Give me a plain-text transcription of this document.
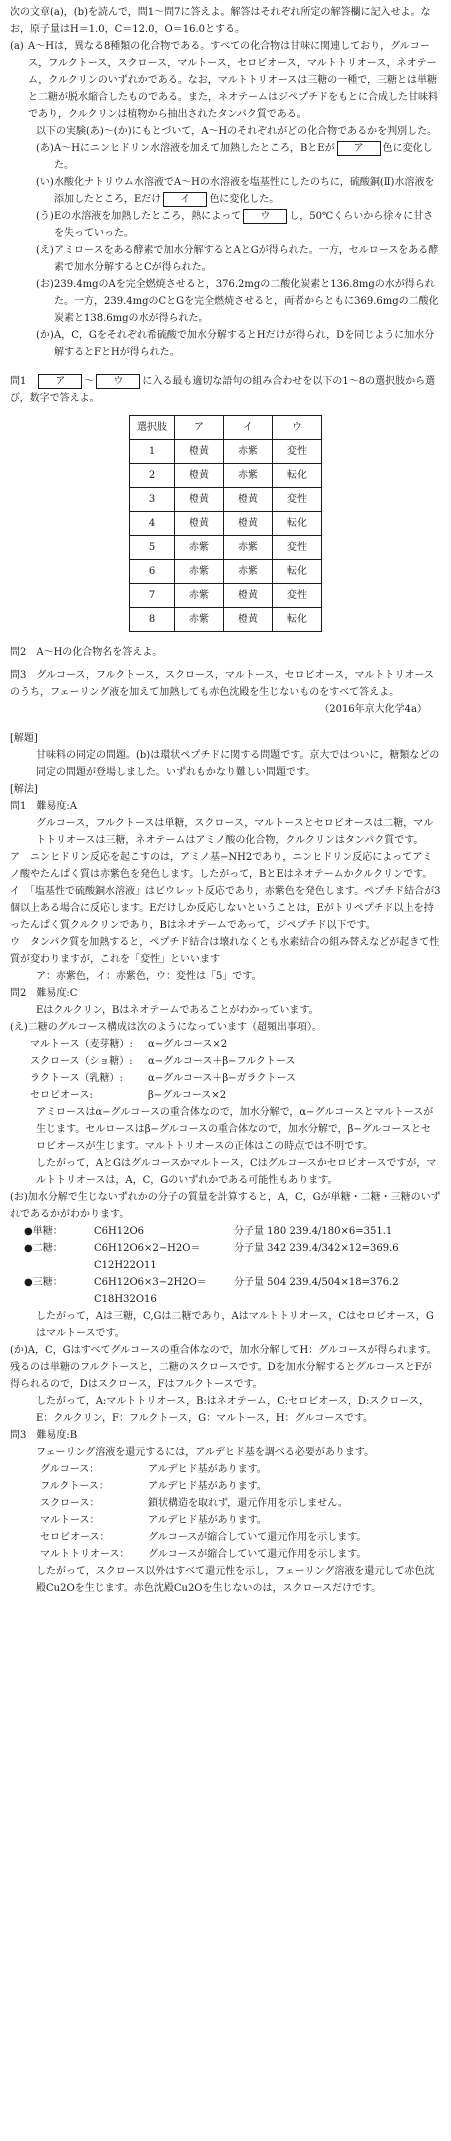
次の文章(a)，(b)を読んで，問1～問7に答えよ。解答はそれぞれ所定の解答欄に記入せよ。なお，原子量はH＝1.0，C＝12.0，O＝16.0とする。

(a) A～Hは，異なる8種類の化合物である。すべての化合物は甘味に関連しており，グルコース，フルクトース，スクロース，マルトース，セロビオース，マルトトリオース，ネオテーム，クルクリンのいずれかである。なお，マルトトリオースは三糖の一種で，三糖とは単糖と二糖が脱水縮合したものである。また，ネオテームはジペプチドをもとに合成した甘味料であり，クルクリンは植物から抽出されたタンパク質である。

以下の実験(あ)～(か)にもとづいて，A～Hのそれぞれがどの化合物であるかを判別した。

(あ) A～Hにニンヒドリン水溶液を加えて加熱したところ，BとEが ア 色に変化した。
(い) 水酸化ナトリウム水溶液でA～Hの水溶液を塩基性にしたのちに，硫酸銅(Ⅱ)水溶液を添加したところ，Eだけ イ 色に変化した。
(う) Eの水溶液を加熱したところ，熱によって ウ し，50℃くらいから徐々に甘さを失っていった。
(え) アミロースをある酵素で加水分解するとAとGが得られた。一方，セルロースをある酵素で加水分解するとCが得られた。
(お) 239.4mgのAを完全燃焼させると，376.2mgの二酸化炭素と136.8mgの水が得られた。一方，239.4mgのCとGを完全燃焼させると，両者からともに369.6mgの二酸化炭素と138.6mgの水が得られた。
(か) A，C，Gをそれぞれ希硫酸で加水分解するとHだけが得られ，Dを同じように加水分解するとFとHが得られた。
問1　	ア ～ ウ に入る最も適切な語句の組み合わせを以下の1～8の選択肢から選び，数字で答えよ。
選択肢	ア	イ	ウ
1	橙黄	赤紫	変性
2	橙黄	赤紫	転化
3	橙黄	橙黄	変性
4	橙黄	橙黄	転化
5	赤紫	赤紫	変性
6	赤紫	赤紫	転化
7	赤紫	橙黄	変性
8	赤紫	橙黄	転化

問2　A～Hの化合物名を答えよ。

問3　グルコース，フルクトース，スクロース，マルトース，セロビオース，マルトトリオースのうち，フェーリング液を加えて加熱しても赤色沈殿を生じないものをすべて答えよ。

（2016年京大化学4a）

[解題]

甘味料の同定の問題。(b)は環状ペプチドに関する問題です。京大ではついに，糖類などの同定の問題が登場しました。いずれもかなり難しい問題です。

[解法]

問1　難易度:A

グルコース，フルクトースは単糖，スクロース，マルトースとセロビオースは二糖，マルトトリオースは三糖，ネオテームはアミノ酸の化合物，クルクリンはタンパク質です。

ア　ニンヒドリン反応を起こすのは，アミノ基−NH2であり，ニンヒドリン反応によってアミノ酸やたんぱく質は赤紫色を発色します。したがって，BとEはネオテームかクルクリンです。

イ　「塩基性で硫酸銅水溶液」はビウレット反応であり，赤紫色を発色します。ペプチド結合が3個以上ある場合に反応します。Eだけしか反応しないということは，Eがトリペプチド以上を持ったんぱく質クルクリンであり，Bはネオテームであって，ジペプチド以下です。

ウ　タンパク質を加熱すると，ペプチド結合は壊れなくとも水素結合の組み替えなどが起きて性質が変わりますが，これを「変性」といいます

ア：赤紫色，イ：赤紫色，ウ：変性は「5」です。

問2　難易度:C

Eはクルクリン，Bはネオテームであることがわかっています。

(え)二糖のグルコース構成は次のようになっています（超頻出事項）。

マルトース（麦芽糖）:	α−グルコース×2
スクロース（ショ糖）:	α−グルコース＋β−フルクトース
ラクトース（乳糖）:	α−グルコース＋β−ガラクトース
セロビオース:	β−グルコース×2

アミロースはα−グルコースの重合体なので，加水分解で，α−グルコースとマルトースが生じます。セルロースはβ−グルコースの重合体なので，加水分解で，β−グルコースとセロビオースが生じます。マルトトリオースの正体はこの時点では不明です。

したがって，AとGはグルコースかマルトース，Cはグルコースかセロビオースですが，マルトトリオースは，A，C，Gのいずれかである可能性もあります。

(お)加水分解で生じないずれかの分子の質量を計算すると，A，C，Gが単糖・二糖・三糖のいずれであるかがわかります。

●単糖：	C6H12O6	分子量 180 239.4/180×6=351.1
●二糖：	C6H12O6×2−H2O＝C12H22O11
分子量 342 239.4/342×12=369.6
●三糖：	C6H12O6×3−2H2O＝C18H32O16
分子量 504 239.4/504×18=376.2

したがって，Aは三糖，C,Gは二糖であり，Aはマルトトリオース，Cはセロビオース，Gはマルトースです。

(か)A，C，Gはすべてグルコースの重合体なので，加水分解してH：グルコースが得られます。残るのは単糖のフルクトースと，二糖のスクロースです。Dを加水分解するとグルコースとFが得られるので，Dはスクロース，Fはフルクトースです。

したがって，A:マルトトリオース，B:はネオテーム，C:セロビオース，D:スクロース，E：クルクリン，F：フルクトース，G：マルトース，H：グルコースです。

問3　難易度:B

フェーリング溶液を還元するには，アルデヒド基を調べる必要があります。

グルコース：	アルデヒド基があります。
フルクトース：	アルデヒド基があります。
スクロース：	鎖状構造を取れず，還元作用を示しません。
マルトース：	アルデヒド基があります。
セロビオース：	グルコースが縮合していて還元作用を示します。
マルトトリオース：	グルコースが縮合していて還元作用を示します。

したがって，スクロース以外はすべて還元性を示し，フェーリング溶液を還元して赤色沈殿Cu2Oを生じます。赤色沈殿Cu2Oを生じないのは，スクロースだけです。
